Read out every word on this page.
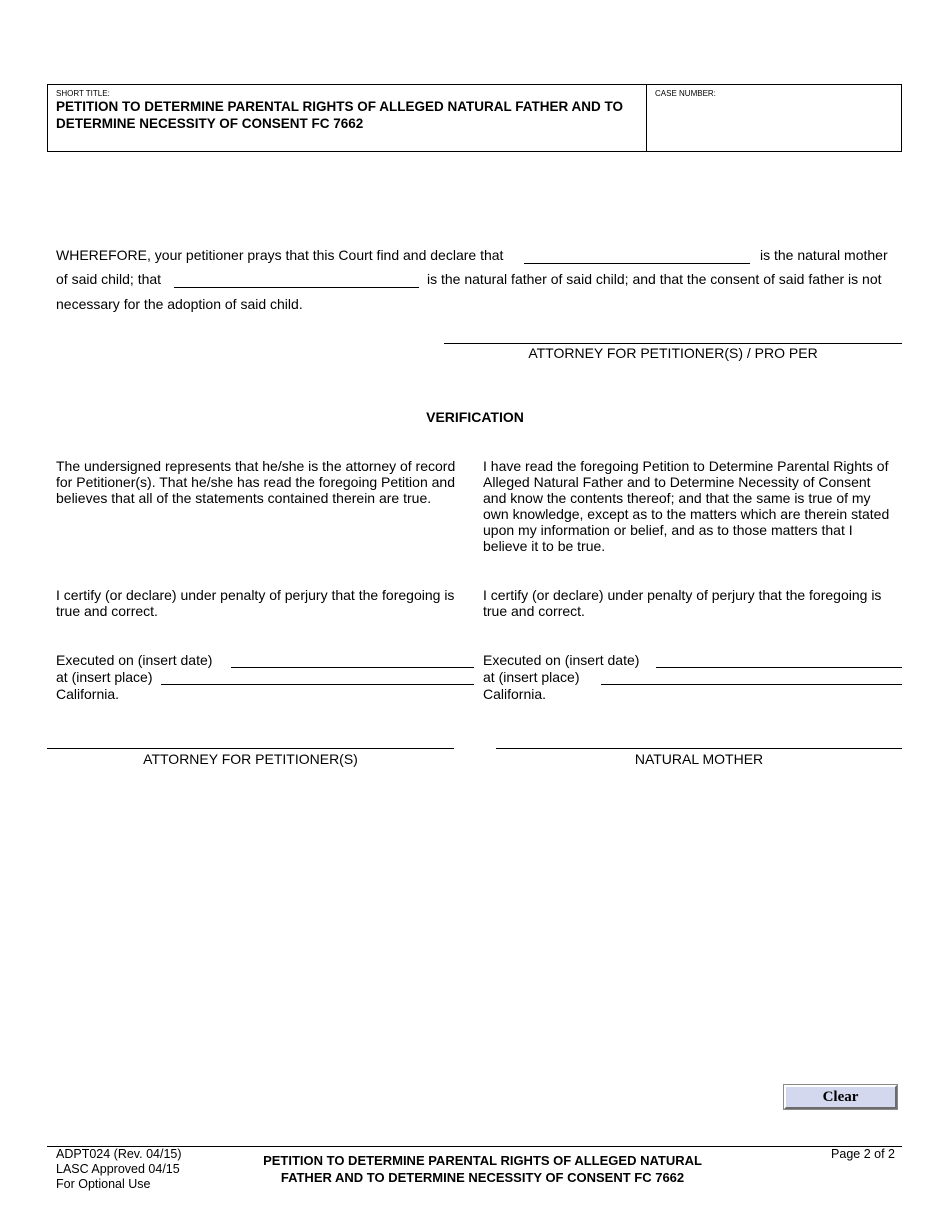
SHORT TITLE:
PETITION TO DETERMINE PARENTAL RIGHTS OF ALLEGED NATURAL FATHER AND TO DETERMINE NECESSITY OF CONSENT FC 7662
CASE NUMBER:
WHEREFORE, your petitioner prays that this Court find and declare that	is the natural mother
of said child; that	is the natural father of said child; and that the consent of said father is not
necessary for the adoption of said child.
ATTORNEY FOR PETITIONER(S) / PRO PER
VERIFICATION
The undersigned represents that he/she is the attorney of record for Petitioner(s). That he/she has read the foregoing Petition and believes that all of the statements contained therein are true.
I certify (or declare) under penalty of perjury that the foregoing is true and correct.
Executed on (insert date)
at (insert place)
California.
ATTORNEY FOR PETITIONER(S)
I have read the foregoing Petition to Determine Parental Rights of Alleged Natural Father and to Determine Necessity of Consent and know the contents thereof; and that the same is true of my own knowledge, except as to the matters which are therein stated upon my information or belief, and as to those matters that I believe it to be true.
I certify (or declare) under penalty of perjury that the foregoing is true and correct.
Executed on (insert date)
at (insert place)
California.
NATURAL MOTHER
Clear
ADPT024 (Rev. 04/15)
LASC Approved 04/15
For Optional Use
PETITION TO DETERMINE PARENTAL RIGHTS OF ALLEGED NATURAL
FATHER AND TO DETERMINE NECESSITY OF CONSENT FC 7662
Page 2 of 2
